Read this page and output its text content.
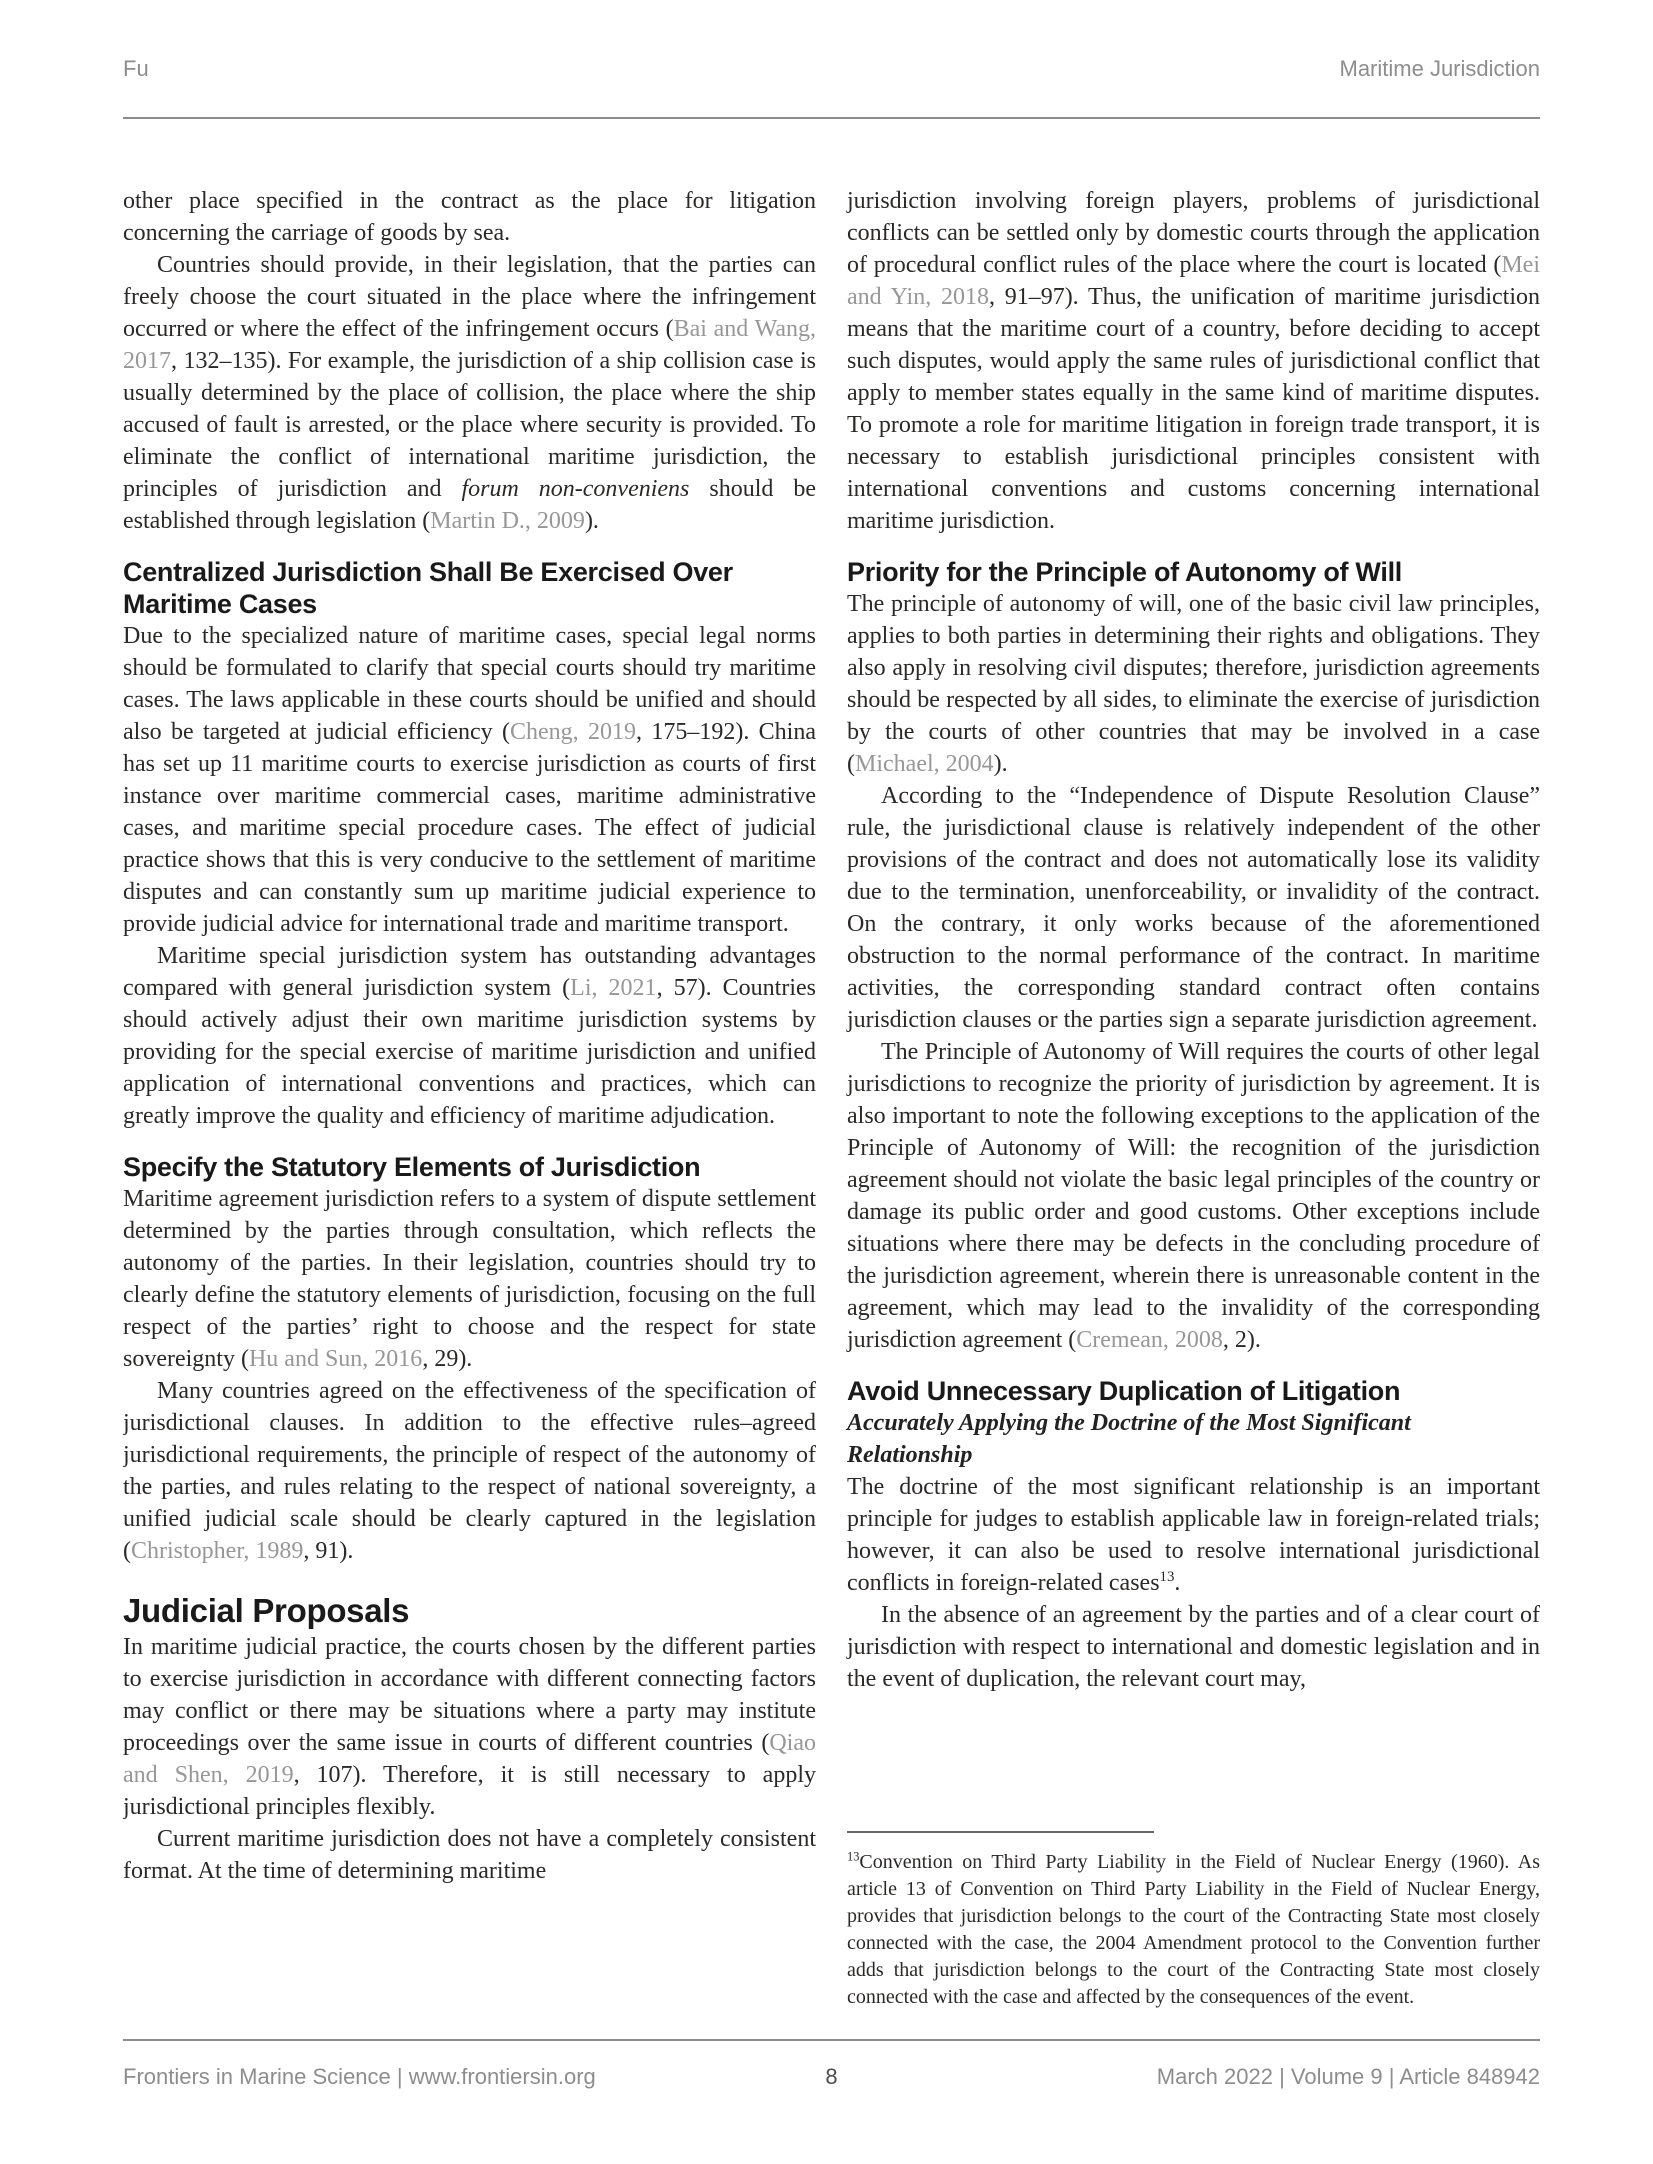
Fu	Maritime Jurisdiction

other place specified in the contract as the place for litigation concerning the carriage of goods by sea.

Countries should provide, in their legislation, that the parties can freely choose the court situated in the place where the infringement occurred or where the effect of the infringement occurs (Bai and Wang, 2017, 132–135). For example, the jurisdiction of a ship collision case is usually determined by the place of collision, the place where the ship accused of fault is arrested, or the place where security is provided. To eliminate the conflict of international maritime jurisdiction, the principles of jurisdiction and forum non-conveniens should be established through legislation (Martin D., 2009).

Centralized Jurisdiction Shall Be Exercised Over Maritime Cases

Due to the specialized nature of maritime cases, special legal norms should be formulated to clarify that special courts should try maritime cases. The laws applicable in these courts should be unified and should also be targeted at judicial efficiency (Cheng, 2019, 175–192). China has set up 11 maritime courts to exercise jurisdiction as courts of first instance over maritime commercial cases, maritime administrative cases, and maritime special procedure cases. The effect of judicial practice shows that this is very conducive to the settlement of maritime disputes and can constantly sum up maritime judicial experience to provide judicial advice for international trade and maritime transport.

Maritime special jurisdiction system has outstanding advantages compared with general jurisdiction system (Li, 2021, 57). Countries should actively adjust their own maritime jurisdiction systems by providing for the special exercise of maritime jurisdiction and unified application of international conventions and practices, which can greatly improve the quality and efficiency of maritime adjudication.

Specify the Statutory Elements of Jurisdiction

Maritime agreement jurisdiction refers to a system of dispute settlement determined by the parties through consultation, which reflects the autonomy of the parties. In their legislation, countries should try to clearly define the statutory elements of jurisdiction, focusing on the full respect of the parties’ right to choose and the respect for state sovereignty (Hu and Sun, 2016, 29).

Many countries agreed on the effectiveness of the specification of jurisdictional clauses. In addition to the effective rules–agreed jurisdictional requirements, the principle of respect of the autonomy of the parties, and rules relating to the respect of national sovereignty, a unified judicial scale should be clearly captured in the legislation (Christopher, 1989, 91).

Judicial Proposals

In maritime judicial practice, the courts chosen by the different parties to exercise jurisdiction in accordance with different connecting factors may conflict or there may be situations where a party may institute proceedings over the same issue in courts of different countries (Qiao and Shen, 2019, 107). Therefore, it is still necessary to apply jurisdictional principles flexibly.

Current maritime jurisdiction does not have a completely consistent format. At the time of determining maritime

jurisdiction involving foreign players, problems of jurisdictional conflicts can be settled only by domestic courts through the application of procedural conflict rules of the place where the court is located (Mei and Yin, 2018, 91–97). Thus, the unification of maritime jurisdiction means that the maritime court of a country, before deciding to accept such disputes, would apply the same rules of jurisdictional conflict that apply to member states equally in the same kind of maritime disputes. To promote a role for maritime litigation in foreign trade transport, it is necessary to establish jurisdictional principles consistent with international conventions and customs concerning international maritime jurisdiction.

Priority for the Principle of Autonomy of Will

The principle of autonomy of will, one of the basic civil law principles, applies to both parties in determining their rights and obligations. They also apply in resolving civil disputes; therefore, jurisdiction agreements should be respected by all sides, to eliminate the exercise of jurisdiction by the courts of other countries that may be involved in a case (Michael, 2004).

According to the “Independence of Dispute Resolution Clause” rule, the jurisdictional clause is relatively independent of the other provisions of the contract and does not automatically lose its validity due to the termination, unenforceability, or invalidity of the contract. On the contrary, it only works because of the aforementioned obstruction to the normal performance of the contract. In maritime activities, the corresponding standard contract often contains jurisdiction clauses or the parties sign a separate jurisdiction agreement.

The Principle of Autonomy of Will requires the courts of other legal jurisdictions to recognize the priority of jurisdiction by agreement. It is also important to note the following exceptions to the application of the Principle of Autonomy of Will: the recognition of the jurisdiction agreement should not violate the basic legal principles of the country or damage its public order and good customs. Other exceptions include situations where there may be defects in the concluding procedure of the jurisdiction agreement, wherein there is unreasonable content in the agreement, which may lead to the invalidity of the corresponding jurisdiction agreement (Cremean, 2008, 2).

Avoid Unnecessary Duplication of Litigation
Accurately Applying the Doctrine of the Most Significant Relationship

The doctrine of the most significant relationship is an important principle for judges to establish applicable law in foreign-related trials; however, it can also be used to resolve international jurisdictional conflicts in foreign-related cases$^{13}$.

In the absence of an agreement by the parties and of a clear court of jurisdiction with respect to international and domestic legislation and in the event of duplication, the relevant court may,

$^{13}$Convention on Third Party Liability in the Field of Nuclear Energy (1960). As article 13 of Convention on Third Party Liability in the Field of Nuclear Energy, provides that jurisdiction belongs to the court of the Contracting State most closely connected with the case, the 2004 Amendment protocol to the Convention further adds that jurisdiction belongs to the court of the Contracting State most closely connected with the case and affected by the consequences of the event.
Frontiers in Marine Science | www.frontiersin.org	8	March 2022 | Volume 9 | Article 848942
